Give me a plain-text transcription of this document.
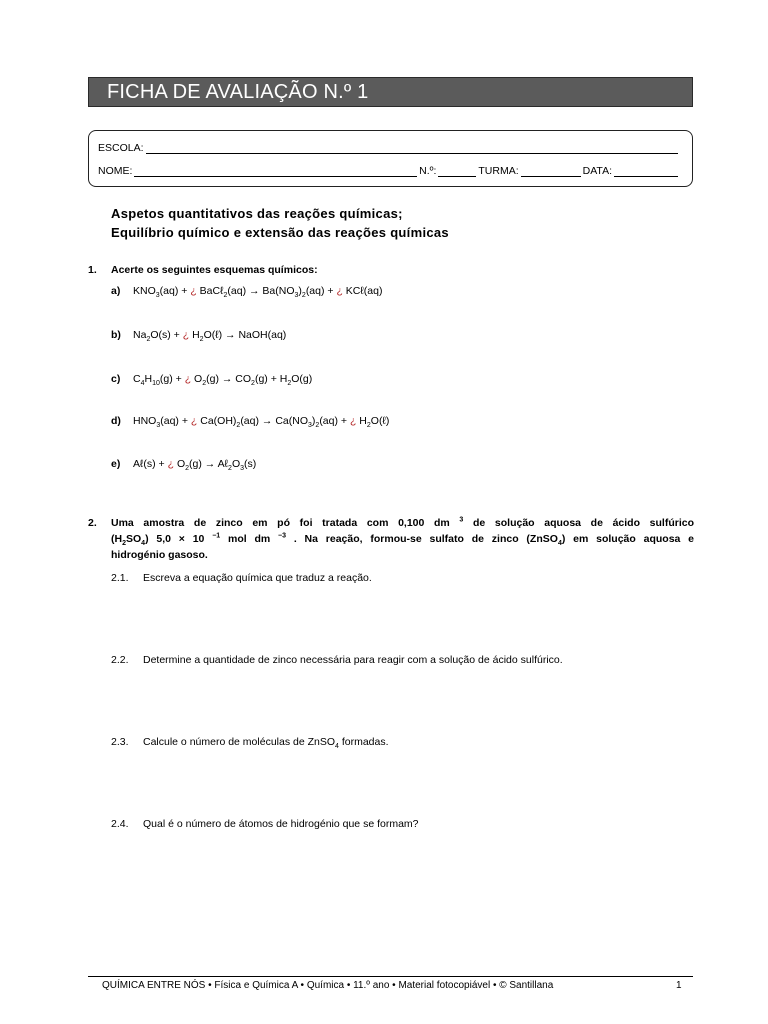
FICHA DE AVALIAÇÃO N.º 1
ESCOLA:
NOME:	N.º:	TURMA:	DATA:
Aspetos quantitativos das reações químicas;
Equilíbrio químico e extensão das reações químicas
1. Acerte os seguintes esquemas químicos:
a) $KNO_3(aq)$ + ¿ BaCℓ$_2$(aq) → $Ba(NO_3)_2(aq)$ + ¿ KCℓ(aq)
b) $Na_2O(s)$ + ¿ $H_2O(\ell)$ → NaOH(aq)
c) $C_4H_{10}(g)$ + ¿ $O_2(g) \to CO_2(g) + H_2O(g)$
d) $HNO_3(aq)$ + ¿ $Ca(OH)_2(aq) \to Ca(NO_3)_2(aq)$ + ¿ $H_2O(\ell)$
e) Aℓ(s) + ¿ $O_2(g)$ → $A\ell_2O_3(s)$
2. Uma amostra de zinco em pó foi tratada com 0,100 dm $^3$ de solução aquosa de ácido sulfúrico
$(H_2SO_4) 5,0 \times 10$ $^{-1}$ mol dm $^{-3}$ . Na reação, formou-se sulfato de zinco (ZnSO$_4$) em solução aquosa e
hidrogénio gasoso.
2.1. Escreva a equação química que traduz a reação.
2.2. Determine a quantidade de zinco necessária para reagir com a solução de ácido sulfúrico.
2.3. Calcule o número de moléculas de ZnSO$_4$ formadas.
2.4. Qual é o número de átomos de hidrogénio que se formam?
QUÍMICA ENTRE NÓS • Física e Química A • Química • 11.º ano • Material fotocopiável • © Santillana	1
